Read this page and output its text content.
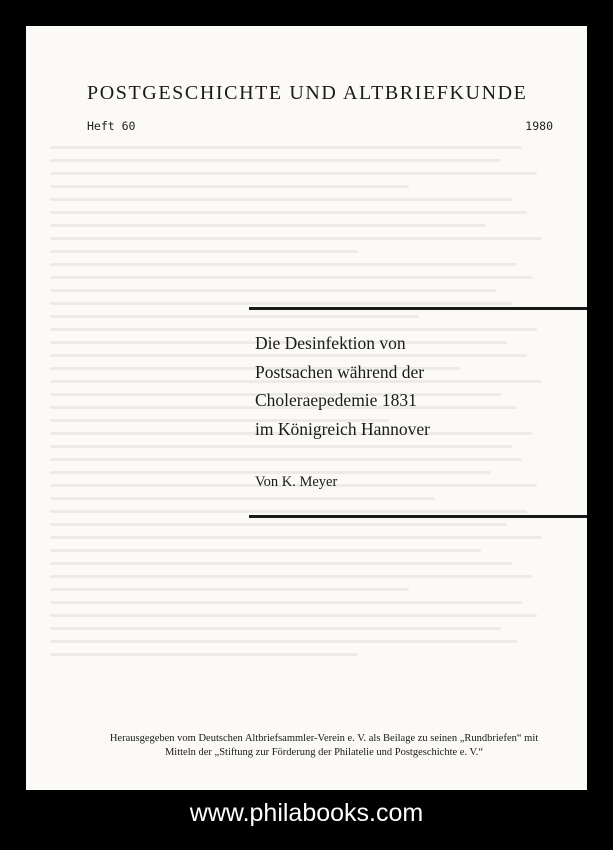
POSTGESCHICHTE UND ALTBRIEFKUNDE
Heft 60	1980
Die Desinfektion von
Postsachen während der
Choleraepedemie 1831
im Königreich Hannover
Von K. Meyer
Herausgegeben vom Deutschen Altbriefsammler-Verein e. V. als Beilage zu seinen „Rundbriefen“ mit
Mitteln der „Stiftung zur Förderung der Philatelie und Postgeschichte e. V.“
www.philabooks.com
